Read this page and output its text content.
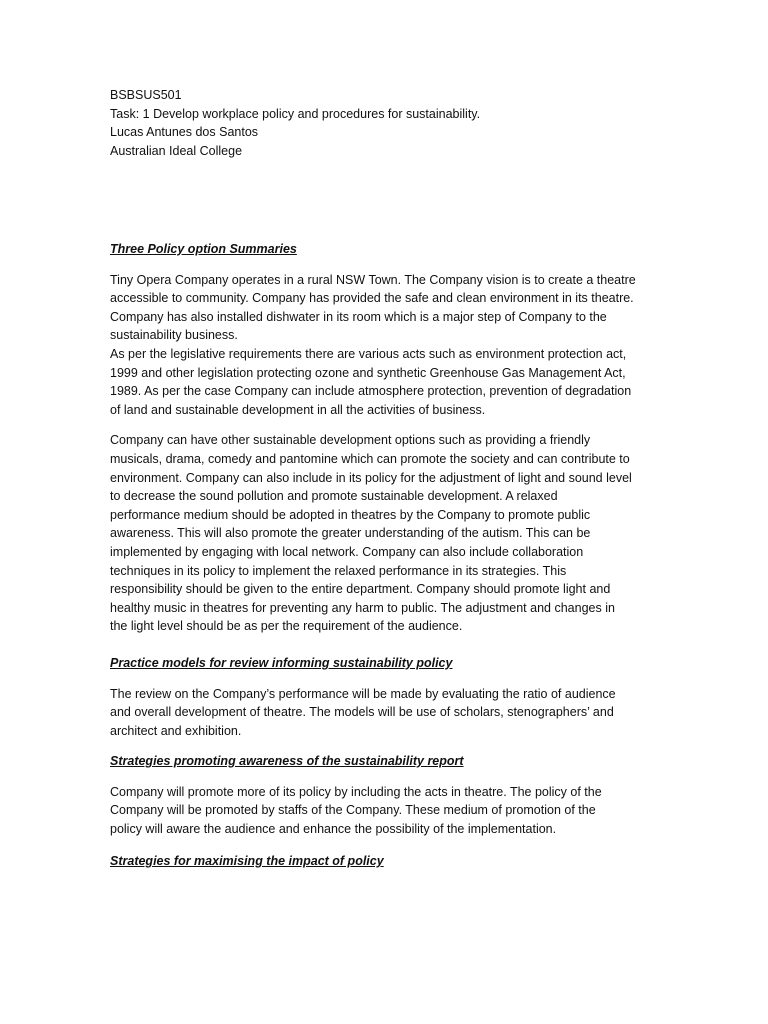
BSBSUS501

Task: 1 Develop workplace policy and procedures for sustainability.

Lucas Antunes dos Santos

Australian Ideal College

Three Policy option Summaries

Tiny Opera Company operates in a rural NSW Town. The Company vision is to create a theatre
accessible to community. Company has provided the safe and clean environment in its theatre.
Company has also installed dishwater in its room which is a major step of Company to the
sustainability business.
As per the legislative requirements there are various acts such as environment protection act,
1999 and other legislation protecting ozone and synthetic Greenhouse Gas Management Act,
1989. As per the case Company can include atmosphere protection, prevention of degradation
of land and sustainable development in all the activities of business.

Company can have other sustainable development options such as providing a friendly
musicals, drama, comedy and pantomine which can promote the society and can contribute to
environment. Company can also include in its policy for the adjustment of light and sound level
to decrease the sound pollution and promote sustainable development. A relaxed
performance medium should be adopted in theatres by the Company to promote public
awareness. This will also promote the greater understanding of the autism. This can be
implemented by engaging with local network. Company can also include collaboration
techniques in its policy to implement the relaxed performance in its strategies. This
responsibility should be given to the entire department. Company should promote light and
healthy music in theatres for preventing any harm to public. The adjustment and changes in
the light level should be as per the requirement of the audience.

Practice models for review informing sustainability policy

The review on the Company’s performance will be made by evaluating the ratio of audience
and overall development of theatre. The models will be use of scholars, stenographers’ and
architect and exhibition.

Strategies promoting awareness of the sustainability report

Company will promote more of its policy by including the acts in theatre. The policy of the
Company will be promoted by staffs of the Company. These medium of promotion of the
policy will aware the audience and enhance the possibility of the implementation.

Strategies for maximising the impact of policy
